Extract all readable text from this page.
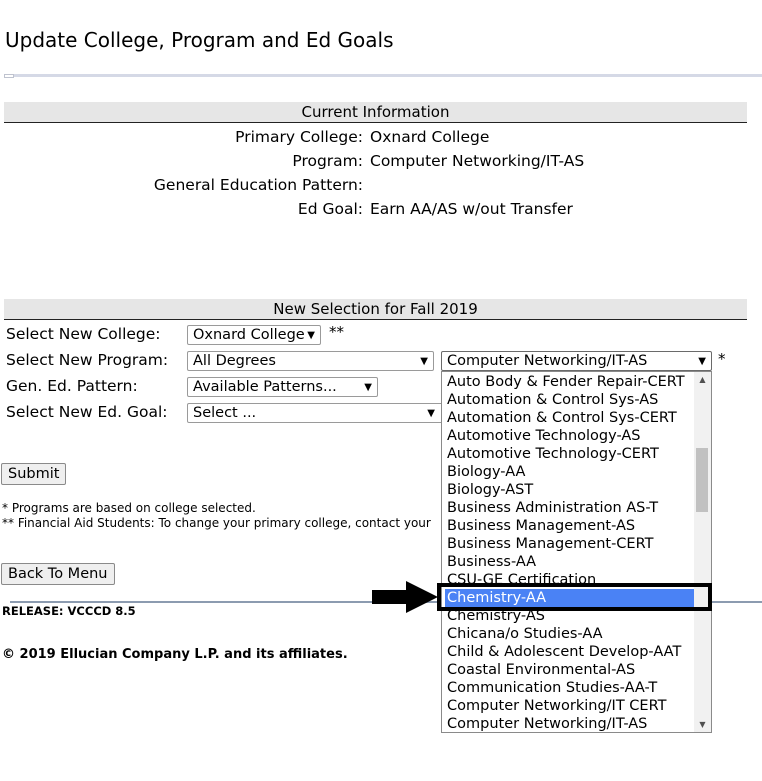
Update College, Program and Ed Goals
Current Information
Primary College: Oxnard College
Program: Computer Networking/IT-AS
General Education Pattern:
Ed Goal: Earn AA/AS w/out Transfer
New Selection for Fall 2019
Select New College:	Oxnard College ▼ **
Select New Program:	All Degrees	▼	Computer Networking/IT-AS	▼ *
Gen. Ed. Pattern:	Available Patterns...	▼
Select New Ed. Goal:	Select ...	▼
Submit
* Programs are based on college selected.
** Financial Aid Students: To change your primary college, contact your
Back To Menu
RELEASE: VCCCD 8.5
© 2019 Ellucian Company L.P. and its affiliates.
Auto Body & Fender Repair-CERT
Automation & Control Sys-AS
Automation & Control Sys-CERT
Automotive Technology-AS
Automotive Technology-CERT
Biology-AA
Biology-AST
Business Administration AS-T
Business Management-AS
Business Management-CERT
Business-AA
CSU-GE Certification
Chemistry-AA
Chemistry-AS
Chicana/o Studies-AA
Child & Adolescent Develop-AAT
Coastal Environmental-AS
Communication Studies-AA-T
Computer Networking/IT CERT
Computer Networking/IT-AS
▲
▼
